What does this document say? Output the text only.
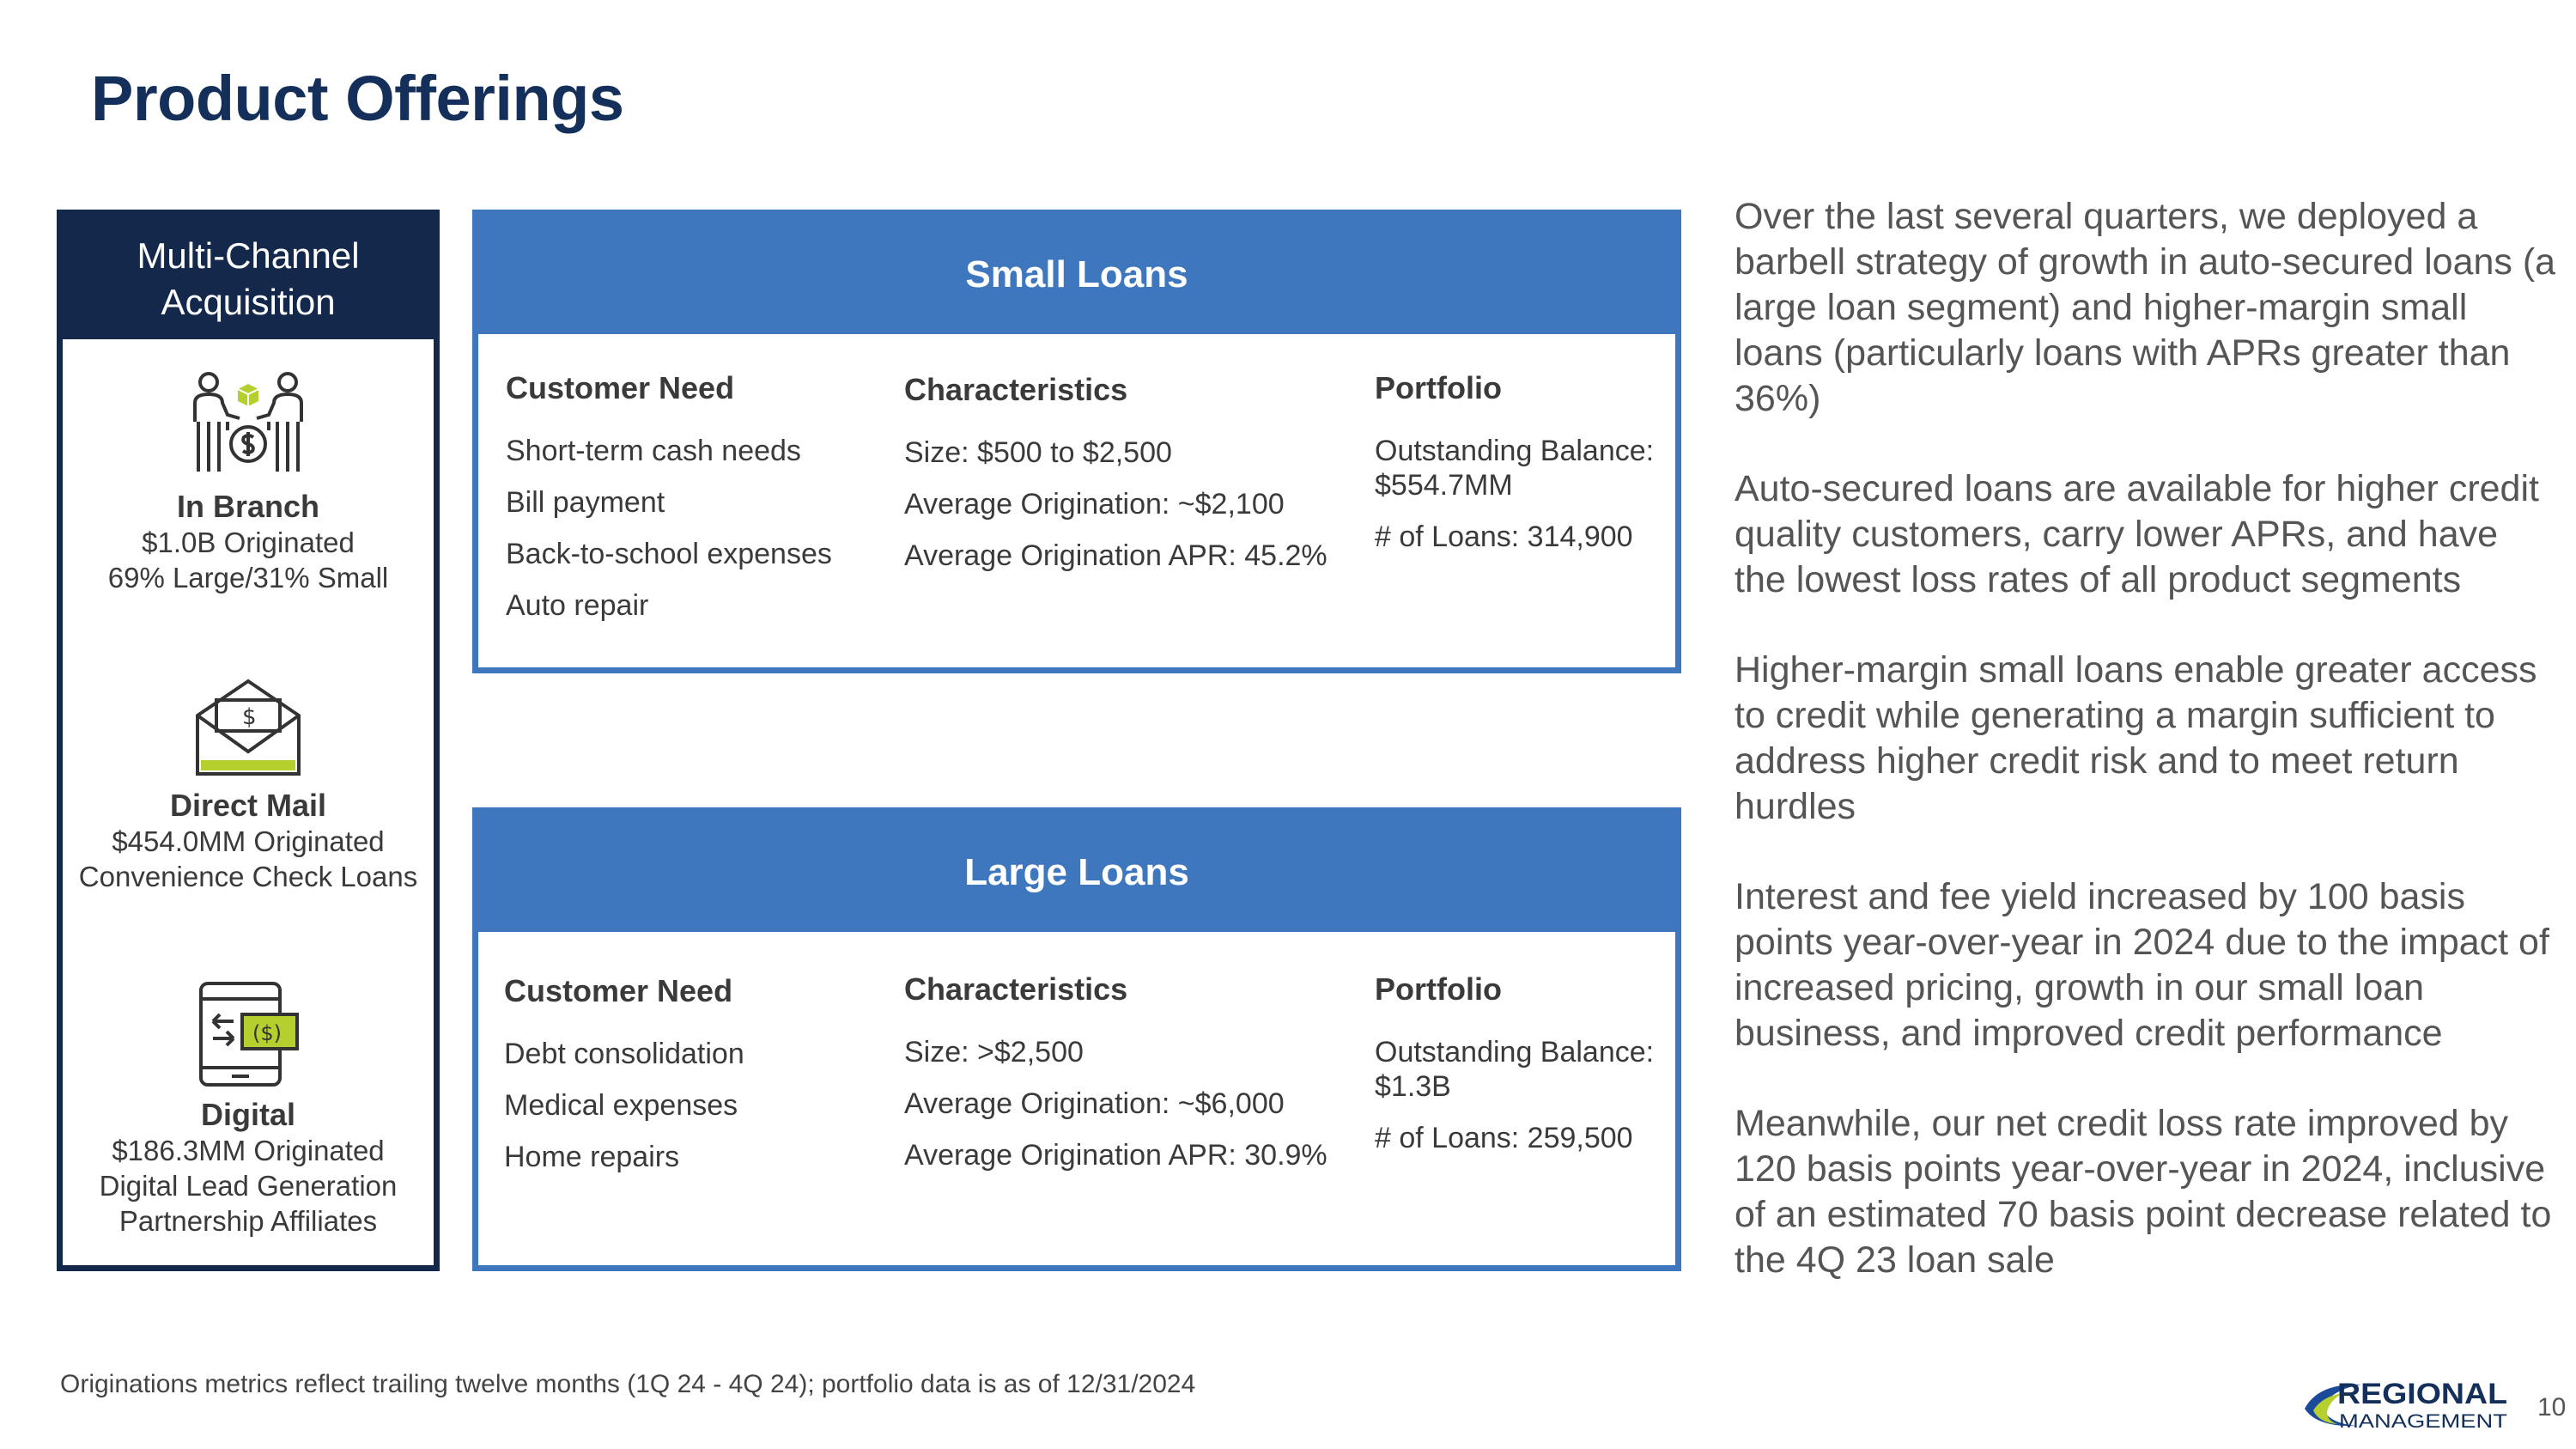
Product Offerings
Multi-Channel
Acquisition
In Branch
$1.0B Originated
69% Large/31% Small
$
Direct Mail
$454.0MM Originated
Convenience Check Loans
($)
Digital
$186.3MM Originated
Digital Lead Generation
Partnership Affiliates
Small Loans
Customer Need
Short-term cash needs
Bill payment
Back-to-school expenses
Auto repair
Characteristics
Size: $500 to $2,500
Average Origination: ~$2,100
Average Origination APR: 45.2%
Portfolio
Outstanding Balance:
$554.7MM
# of Loans: 314,900
Large Loans
Customer Need
Debt consolidation
Medical expenses
Home repairs
Characteristics
Size: >$2,500
Average Origination: ~$6,000
Average Origination APR: 30.9%
Portfolio
Outstanding Balance:
$1.3B
# of Loans: 259,500

Over the last several quarters, we deployed a barbell strategy of growth in auto-secured loans (a large loan segment) and higher-margin small loans (particularly loans with APRs greater than 36%)

Auto-secured loans are available for higher credit quality customers, carry lower APRs, and have the lowest loss rates of all product segments

Higher-margin small loans enable greater access to credit while generating a margin sufficient to address higher credit risk and to meet return hurdles

Interest and fee yield increased by 100 basis points year-over-year in 2024 due to the impact of increased pricing, growth in our small loan business, and improved credit performance

Meanwhile, our net credit loss rate improved by 120 basis points year-over-year in 2024, inclusive of an estimated 70 basis point decrease related to the 4Q 23 loan sale

Originations metrics reflect trailing twelve months (1Q 24 - 4Q 24); portfolio data is as of 12/31/2024	REGIONAL
MANAGEMENT 10
